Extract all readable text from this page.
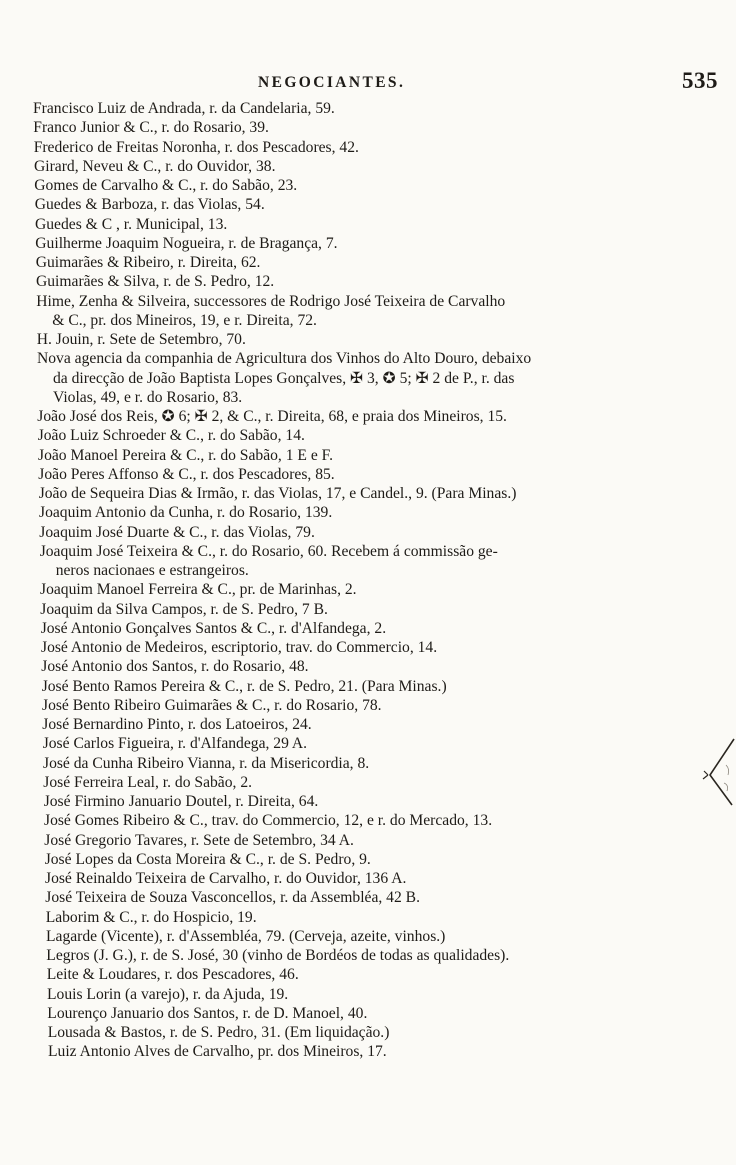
NEGOCIANTES.	535

Francisco Luiz de Andrada, r. da Candelaria, 59.

Franco Junior & C., r. do Rosario, 39.

Frederico de Freitas Noronha, r. dos Pescadores, 42.

Girard, Neveu & C., r. do Ouvidor, 38.

Gomes de Carvalho & C., r. do Sabão, 23.

Guedes & Barboza, r. das Violas, 54.

Guedes & C , r. Municipal, 13.

Guilherme Joaquim Nogueira, r. de Bragança, 7.

Guimarães & Ribeiro, r. Direita, 62.

Guimarães & Silva, r. de S. Pedro, 12.

Hime, Zenha & Silveira, successores de Rodrigo José Teixeira de Carvalho
& C., pr. dos Mineiros, 19, e r. Direita, 72.

H. Jouin, r. Sete de Setembro, 70.

Nova agencia da companhia de Agricultura dos Vinhos do Alto Douro, debaixo
da direcção de João Baptista Lopes Gonçalves, ✠ 3, ✪ 5; ✠ 2 de P., r. das
Violas, 49, e r. do Rosario, 83.

João José dos Reis, ✪ 6; ✠ 2, & C., r. Direita, 68, e praia dos Mineiros, 15.

João Luiz Schroeder & C., r. do Sabão, 14.

João Manoel Pereira & C., r. do Sabão, 1 E e F.

João Peres Affonso & C., r. dos Pescadores, 85.

João de Sequeira Dias & Irmão, r. das Violas, 17, e Candel., 9. (Para Minas.)

Joaquim Antonio da Cunha, r. do Rosario, 139.

Joaquim José Duarte & C., r. das Violas, 79.

Joaquim José Teixeira & C., r. do Rosario, 60. Recebem á commissão ge-
neros nacionaes e estrangeiros.

Joaquim Manoel Ferreira & C., pr. de Marinhas, 2.

Joaquim da Silva Campos, r. de S. Pedro, 7 B.

José Antonio Gonçalves Santos & C., r. d'Alfandega, 2.

José Antonio de Medeiros, escriptorio, trav. do Commercio, 14.

José Antonio dos Santos, r. do Rosario, 48.

José Bento Ramos Pereira & C., r. de S. Pedro, 21. (Para Minas.)

José Bento Ribeiro Guimarães & C., r. do Rosario, 78.

José Bernardino Pinto, r. dos Latoeiros, 24.

José Carlos Figueira, r. d'Alfandega, 29 A.

José da Cunha Ribeiro Vianna, r. da Misericordia, 8.

José Ferreira Leal, r. do Sabão, 2.

José Firmino Januario Doutel, r. Direita, 64.

José Gomes Ribeiro & C., trav. do Commercio, 12, e r. do Mercado, 13.

José Gregorio Tavares, r. Sete de Setembro, 34 A.

José Lopes da Costa Moreira & C., r. de S. Pedro, 9.

José Reinaldo Teixeira de Carvalho, r. do Ouvidor, 136 A.

José Teixeira de Souza Vasconcellos, r. da Assembléa, 42 B.

Laborim & C., r. do Hospicio, 19.

Lagarde (Vicente), r. d'Assembléa, 79. (Cerveja, azeite, vinhos.)

Legros (J. G.), r. de S. José, 30 (vinho de Bordéos de todas as qualidades).

Leite & Loudares, r. dos Pescadores, 46.

Louis Lorin (a varejo), r. da Ajuda, 19.

Lourenço Januario dos Santos, r. de D. Manoel, 40.

Lousada & Bastos, r. de S. Pedro, 31. (Em liquidação.)

Luiz Antonio Alves de Carvalho, pr. dos Mineiros, 17.
